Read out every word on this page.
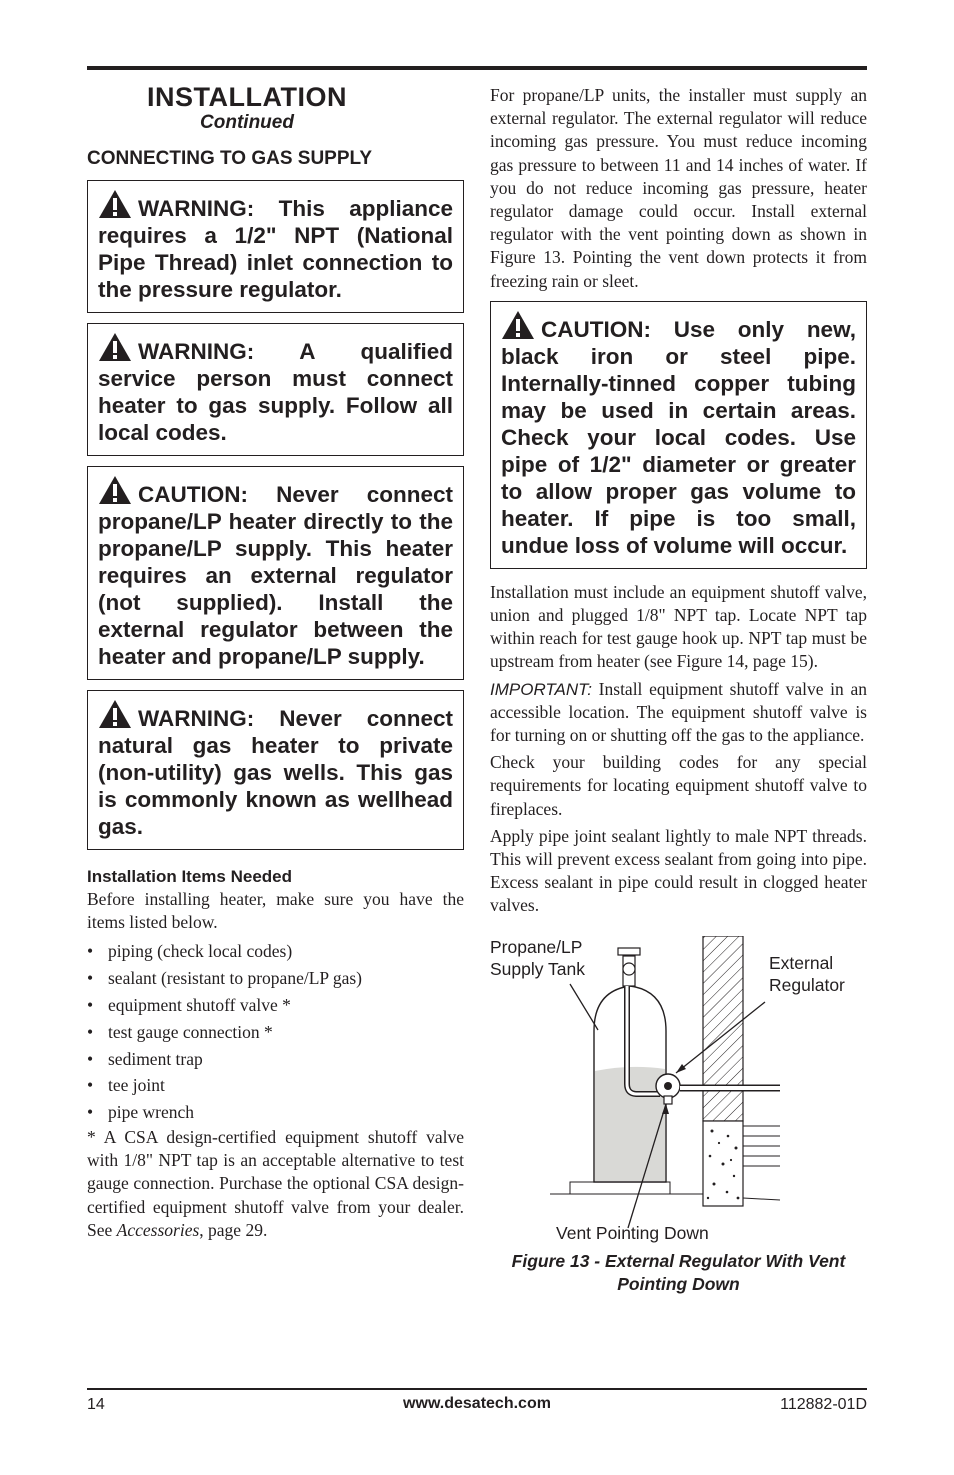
INSTALLATION
Continued
CONNECTING TO GAS SUPPLY
WARNING: This appliance requires a 1/2" NPT (National Pipe Thread) inlet connection to the pressure regulator.
WARNING: A qualified service person must connect heater to gas supply. Follow all local codes.
CAUTION: Never connect propane/LP heater directly to the propane/LP supply. This heater requires an external regulator (not supplied). Install the external regulator between the heater and propane/LP supply.
WARNING: Never connect natural gas heater to private (non-utility) gas wells. This gas is commonly known as wellhead gas.
Installation Items Needed

Before installing heater, make sure you have the items listed below.

• piping (check local codes)
• sealant (resistant to propane/LP gas)
• equipment shutoff valve *
• test gauge connection *
• sediment trap
• tee joint
• pipe wrench

* A CSA design-certified equipment shutoff valve with 1/8" NPT tap is an acceptable alternative to test gauge connection. Purchase the optional CSA design-certified equipment shutoff valve from your dealer. See Accessories, page 29.

For propane/LP units, the installer must supply an external regulator. The external regulator will reduce incoming gas pressure. You must reduce incoming gas pressure to between 11 and 14 inches of water. If you do not reduce incoming gas pressure, heater regulator damage could occur. Install external regulator with the vent pointing down as shown in Figure 13. Pointing the vent down protects it from freezing rain or sleet.

CAUTION: Use only new, black iron or steel pipe. Internally-tinned copper tubing may be used in certain areas. Check your local codes. Use pipe of 1/2" diameter or greater to allow proper gas volume to heater. If pipe is too small, undue loss of volume will occur.

Installation must include an equipment shutoff valve, union and plugged 1/8" NPT tap. Locate NPT tap within reach for test gauge hook up. NPT tap must be upstream from heater (see Figure 14, page 15).

IMPORTANT: Install equipment shutoff valve in an accessible location. The equipment shutoff valve is for turning on or shutting off the gas to the appliance.

Check your building codes for any special requirements for locating equipment shutoff valve to fireplaces.

Apply pipe joint sealant lightly to male NPT threads. This will prevent excess sealant from going into pipe. Excess sealant in pipe could result in clogged heater valves.

Propane/LP
Supply Tank	External
Regulator
Vent Pointing Down
Figure 13 - External Regulator With Vent Pointing Down
14	www.desatech.com	112882-01D
